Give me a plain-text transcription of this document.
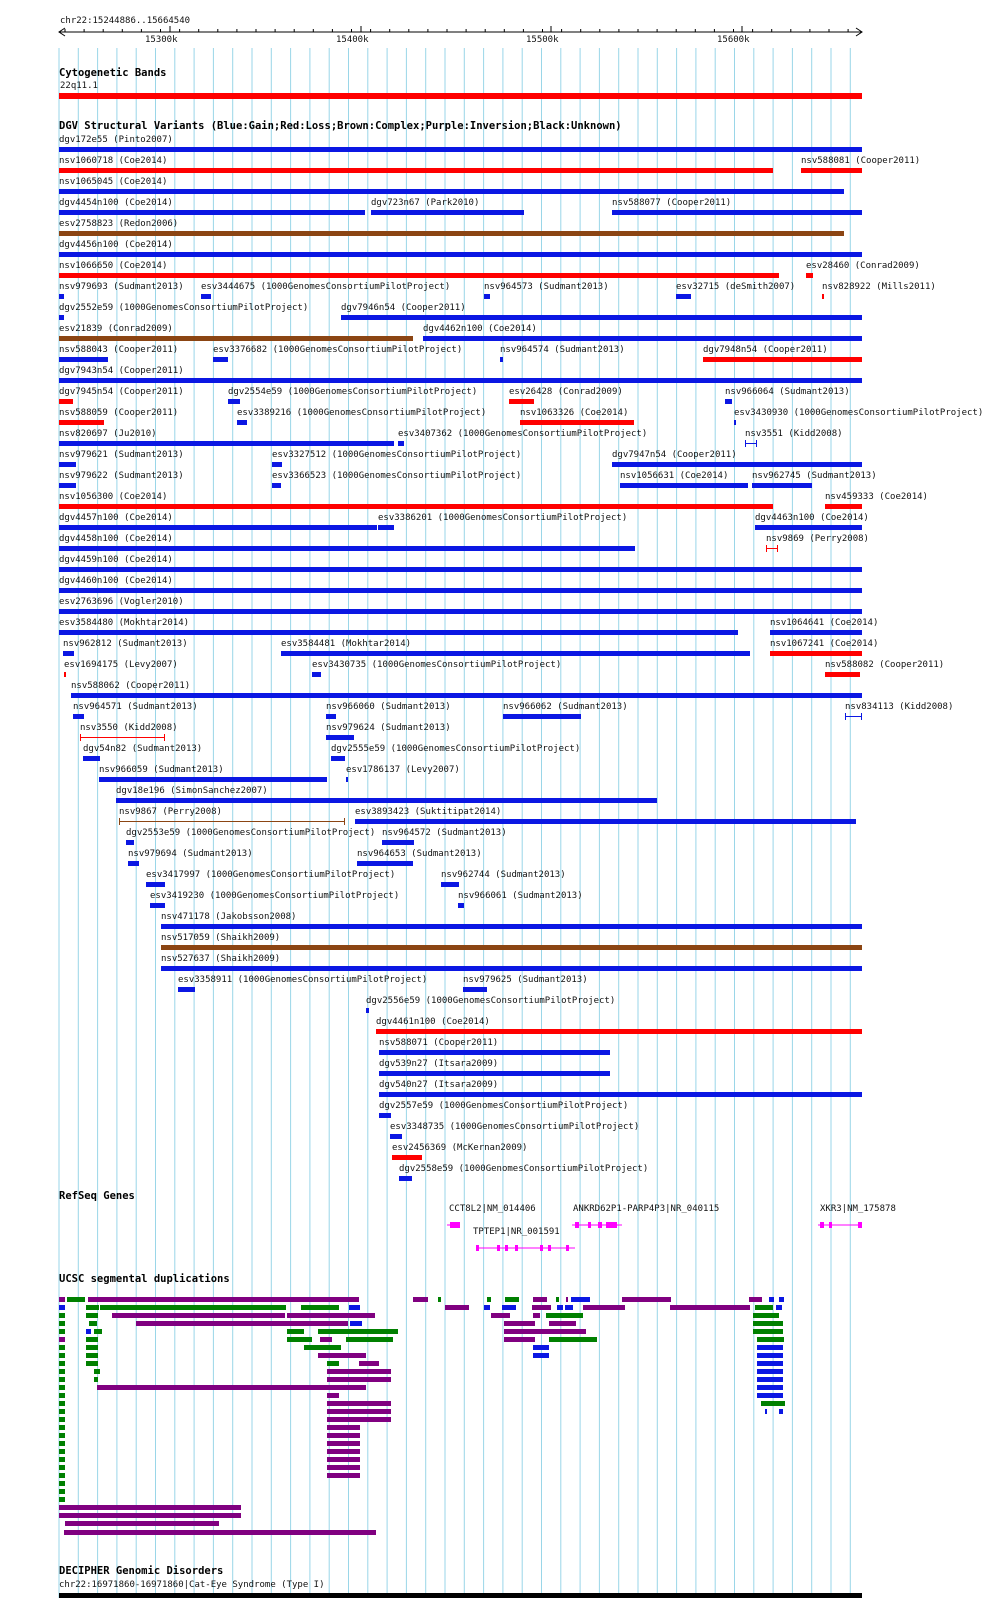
chr22:15244886..15664540
15300k	15400k	15500k	15600k
Cytogenetic Bands
22q11.1
DGV Structural Variants (Blue:Gain;Red:Loss;Brown:Complex;Purple:Inversion;Black:Unknown)
RefSeq Genes
CCT8L2|NM_014406	ANKRD62P1-PARP4P3|NR_040115	XKR3|NM_175878
TPTEP1|NR_001591
UCSC segmental duplications
DECIPHER Genomic Disorders
chr22:16971860-16971860|Cat-Eye Syndrome (Type I)
dgv172e55 (Pinto2007)
nsv1060718 (Coe2014)	nsv588081 (Cooper2011)
nsv1065045 (Coe2014)
dgv4454n100 (Coe2014)	dgv723n67 (Park2010)	nsv588077 (Cooper2011)
esv2758823 (Redon2006)
dgv4456n100 (Coe2014)
nsv1066650 (Coe2014)	esv28460 (Conrad2009)
nsv979693 (Sudmant2013) esv3444675 (1000GenomesConsortiumPilotProject)	nsv964573 (Sudmant2013)	esv32715 (deSmith2007)	nsv828922 (Mills2011)
dgv2552e59 (1000GenomesConsortiumPilotProject)	dgv7946n54 (Cooper2011)
esv21839 (Conrad2009)	dgv4462n100 (Coe2014)
nsv588043 (Cooper2011)	esv3376682 (1000GenomesConsortiumPilotProject)	nsv964574 (Sudmant2013)	dgv7948n54 (Cooper2011)
dgv7943n54 (Cooper2011)
dgv7945n54 (Cooper2011)	dgv2554e59 (1000GenomesConsortiumPilotProject)	esv26428 (Conrad2009)	nsv966064 (Sudmant2013)
nsv588059 (Cooper2011)	esv3389216 (1000GenomesConsortiumPilotProject)	nsv1063326 (Coe2014)	esv3430930 (1000GenomesConsortiumPilotProject)
nsv820697 (Ju2010)	esv3407362 (1000GenomesConsortiumPilotProject)	nsv3551 (Kidd2008)
nsv979621 (Sudmant2013)	esv3327512 (1000GenomesConsortiumPilotProject)	dgv7947n54 (Cooper2011)
nsv979622 (Sudmant2013)	esv3366523 (1000GenomesConsortiumPilotProject)	nsv1056631 (Coe2014)	nsv962745 (Sudmant2013)
nsv1056300 (Coe2014)	nsv459333 (Coe2014)
dgv4457n100 (Coe2014)	esv3386201 (1000GenomesConsortiumPilotProject)	dgv4463n100 (Coe2014)
dgv4458n100 (Coe2014)	nsv9869 (Perry2008)
dgv4459n100 (Coe2014)
dgv4460n100 (Coe2014)
esv2763696 (Vogler2010)
esv3584480 (Mokhtar2014)	nsv1064641 (Coe2014)
nsv962812 (Sudmant2013)	esv3584481 (Mokhtar2014)	nsv1067241 (Coe2014)
esv1694175 (Levy2007)	esv3430735 (1000GenomesConsortiumPilotProject)	nsv588082 (Cooper2011)
nsv588062 (Cooper2011)
nsv964571 (Sudmant2013)	nsv966060 (Sudmant2013)	nsv966062 (Sudmant2013)	nsv834113 (Kidd2008)
nsv3550 (Kidd2008)	nsv979624 (Sudmant2013)
dgv54n82 (Sudmant2013)	dgv2555e59 (1000GenomesConsortiumPilotProject)
nsv966059 (Sudmant2013)	esv1786137 (Levy2007)
dgv18e196 (SimonSanchez2007)
nsv9867 (Perry2008)	esv3893423 (Suktitipat2014)
dgv2553e59 (1000GenomesConsortiumPilotProject) nsv964572 (Sudmant2013)
nsv979694 (Sudmant2013)	nsv964653 (Sudmant2013)
esv3417997 (1000GenomesConsortiumPilotProject)	nsv962744 (Sudmant2013)
esv3419230 (1000GenomesConsortiumPilotProject)	nsv966061 (Sudmant2013)
nsv471178 (Jakobsson2008)
nsv517059 (Shaikh2009)
nsv527637 (Shaikh2009)
esv3358911 (1000GenomesConsortiumPilotProject)	nsv979625 (Sudmant2013)
dgv2556e59 (1000GenomesConsortiumPilotProject)
dgv4461n100 (Coe2014)
nsv588071 (Cooper2011)
dgv539n27 (Itsara2009)
dgv540n27 (Itsara2009)
dgv2557e59 (1000GenomesConsortiumPilotProject)
esv3348735 (1000GenomesConsortiumPilotProject)
esv2456369 (McKernan2009)
dgv2558e59 (1000GenomesConsortiumPilotProject)
